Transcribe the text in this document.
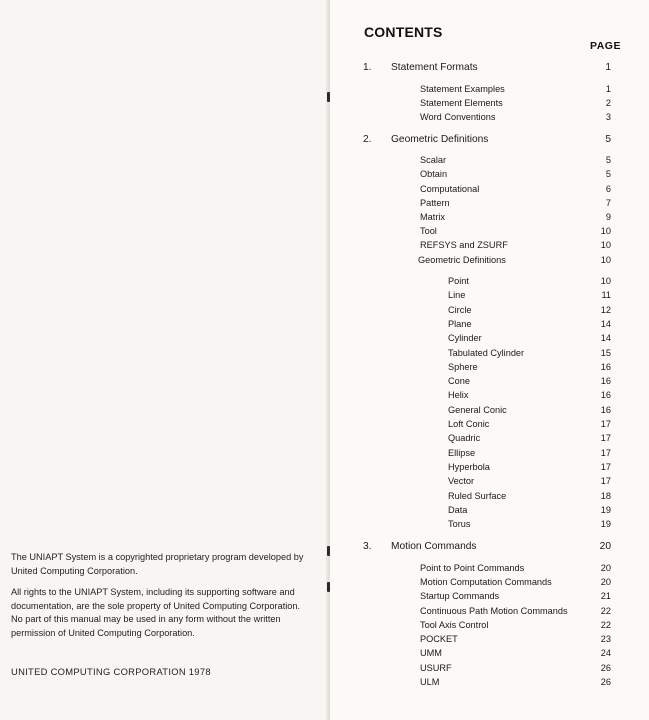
The UNIAPT System is a copyrighted proprietary program developed by United Computing Corporation.

All rights to the UNIAPT System, including its supporting software and documentation, are the sole property of United Computing Corporation. No part of this manual may be used in any form without the written permission of United Computing Corporation.

UNITED COMPUTING CORPORATION 1978
CONTENTS
PAGE
1. Statement Formats	1
Statement Examples	1
Statement Elements	2
Word Conventions	3
2. Geometric Definitions	5
Scalar	5
Obtain	5
Computational	6
Pattern	7
Matrix	9
Tool	10
REFSYS and ZSURF	10
Geometric Definitions	10
Point	10
Line	11
Circle	12
Plane	14
Cylinder	14
Tabulated Cylinder	15
Sphere	16
Cone	16
Helix	16
General Conic	16
Loft Conic	17
Quadric	17
Ellipse	17
Hyperbola	17
Vector	17
Ruled Surface	18
Data	19
Torus	19
3. Motion Commands	20
Point to Point Commands	20
Motion Computation Commands	20
Startup Commands	21
Continuous Path Motion Commands	22
Tool Axis Control	22
POCKET	23
UMM	24
USURF	26
ULM	26
